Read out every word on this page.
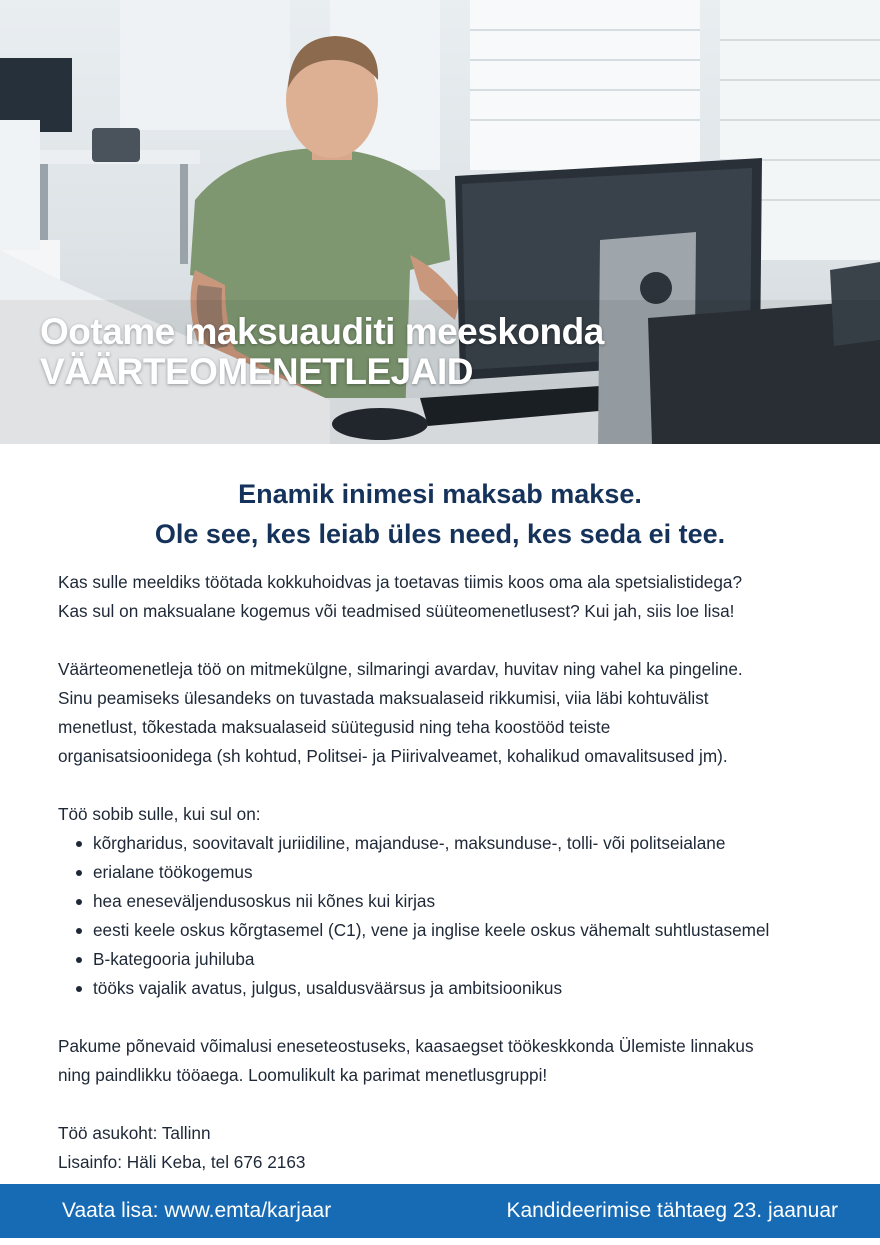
Ootame maksuauditi meeskonda
VÄÄRTEOMENETLEJAID
Enamik inimesi maksab makse.
Ole see, kes leiab üles need, kes seda ei tee.

Kas sulle meeldiks töötada kokkuhoidvas ja toetavas tiimis koos oma ala spetsialistidega?

Kas sul on maksualane kogemus või teadmised süüteomenetlusest? Kui jah, siis loe lisa!

Väärteomenetleja töö on mitmekülgne, silmaringi avardav, huvitav ning vahel ka pingeline.

Sinu peamiseks ülesandeks on tuvastada maksualaseid rikkumisi, viia läbi kohtuvälist

menetlust, tõkestada maksualaseid süütegusid ning teha koostööd teiste

organisatsioonidega (sh kohtud, Politsei- ja Piirivalveamet, kohalikud omavalitsused jm).

Töö sobib sulle, kui sul on:

kõrgharidus, soovitavalt juriidiline, majanduse-, maksunduse-, tolli- või politseialane
erialane töökogemus
hea eneseväljendusoskus nii kõnes kui kirjas
eesti keele oskus kõrgtasemel (C1), vene ja inglise keele oskus vähemalt suhtlustasemel
B-kategooria juhiluba
tööks vajalik avatus, julgus, usaldusväärsus ja ambitsioonikus

Pakume põnevaid võimalusi eneseteostuseks, kaasaegset töökeskkonda Ülemiste linnakus

ning paindlikku tööaega. Loomulikult ka parimat menetlusgruppi!

Töö asukoht: Tallinn

Lisainfo: Häli Keba, tel 676 2163

Vaata lisa: www.emta/karjaar	Kandideerimise tähtaeg 23. jaanuar
